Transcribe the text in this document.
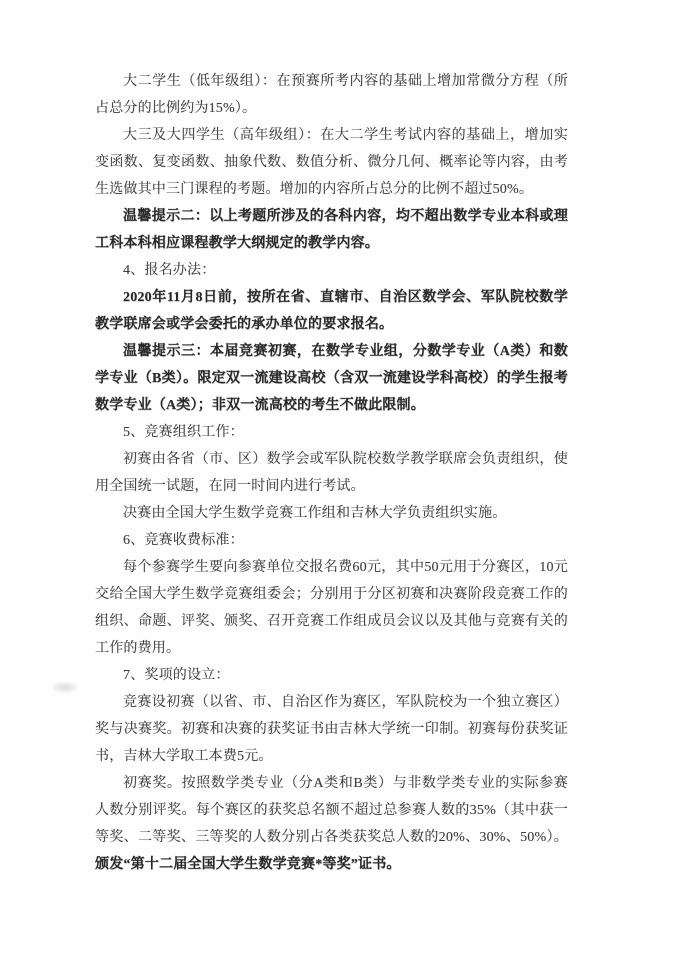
大二学生（低年级组）：在预赛所考内容的基础上增加常微分方程（所占总分的比例约为15%）。

大三及大四学生（高年级组）：在大二学生考试内容的基础上，增加实变函数、复变函数、抽象代数、数值分析、微分几何、概率论等内容，由考生选做其中三门课程的考题。增加的内容所占总分的比例不超过50%。

温馨提示二：以上考题所涉及的各科内容，均不超出数学专业本科或理工科本科相应课程教学大纲规定的教学内容。

4、报名办法：

2020年11月8日前，按所在省、直辖市、自治区数学会、军队院校数学教学联席会或学会委托的承办单位的要求报名。

温馨提示三：本届竞赛初赛，在数学专业组，分数学专业（A类）和数学专业（B类）。限定双一流建设高校（含双一流建设学科高校）的学生报考数学专业（A类）；非双一流高校的考生不做此限制。

5、竞赛组织工作：

初赛由各省（市、区）数学会或军队院校数学教学联席会负责组织，使用全国统一试题，在同一时间内进行考试。

决赛由全国大学生数学竞赛工作组和吉林大学负责组织实施。

6、竞赛收费标准：

每个参赛学生要向参赛单位交报名费60元，其中50元用于分赛区，10元交给全国大学生数学竞赛组委会；分别用于分区初赛和决赛阶段竞赛工作的组织、命题、评奖、颁奖、召开竞赛工作组成员会议以及其他与竞赛有关的工作的费用。

7、奖项的设立：

竞赛设初赛（以省、市、自治区作为赛区，军队院校为一个独立赛区）奖与决赛奖。初赛和决赛的获奖证书由吉林大学统一印制。初赛每份获奖证书，吉林大学取工本费5元。

初赛奖。按照数学类专业（分A类和B类）与非数学类专业的实际参赛人数分别评奖。每个赛区的获奖总名额不超过总参赛人数的35%（其中获一等奖、二等奖、三等奖的人数分别占各类获奖总人数的20%、30%、50%）。颁发“第十二届全国大学生数学竞赛*等奖”证书。
